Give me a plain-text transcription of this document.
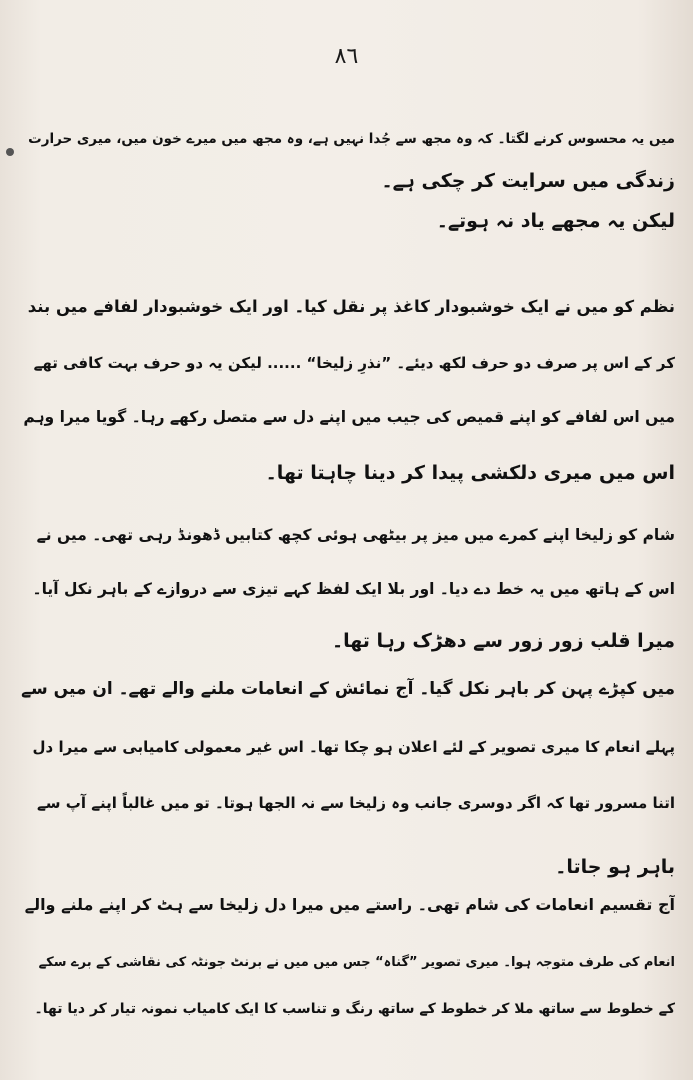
٨٦
میں یہ محسوس کرنے لگتا۔ کہ وہ مجھ سے جُدا نہیں ہے، وہ مجھ میں میرے خون میں، میری حرارت
زندگی میں سرایت کر چکی ہے۔
لیکن یہ مجھے یاد نہ ہوتے۔
نظم کو میں نے ایک خوشبودار کاغذ پر نقل کیا۔ اور ایک خوشبودار لفافے میں بند
کر کے اس پر صرف دو حرف لکھ دیئے۔ ”نذرِ زلیخا“ ...... لیکن یہ دو حرف بہت کافی تھے
میں اس لفافے کو اپنے قمیص کی جیب میں اپنے دل سے متصل رکھے رہا۔ گویا میرا وہم
اس میں میری دلکشی پیدا کر دینا چاہتا تھا۔
شام کو زلیخا اپنے کمرے میں میز پر بیٹھی ہوئی کچھ کتابیں ڈھونڈ رہی تھی۔ میں نے
اس کے ہاتھ میں یہ خط دے دیا۔ اور بلا ایک لفظ کہے تیزی سے دروازے کے باہر نکل آیا۔
میرا قلب زور زور سے دھڑک رہا تھا۔
میں کپڑے پہن کر باہر نکل گیا۔ آج نمائش کے انعامات ملنے والے تھے۔ ان میں سے
پہلے انعام کا میری تصویر کے لئے اعلان ہو چکا تھا۔ اس غیر معمولی کامیابی سے میرا دل
اتنا مسرور تھا کہ اگر دوسری جانب وہ زلیخا سے نہ الجھا ہوتا۔ تو میں غالباً اپنے آپ سے
باہر ہو جاتا۔
آج تقسیم انعامات کی شام تھی۔ راستے میں میرا دل زلیخا سے ہٹ کر اپنے ملنے والے
انعام کی طرف متوجہ ہوا۔ میری تصویر ”گناہ“ جس میں میں نے برنٹ جونٹہ کی نقاشی کے برے سکے
کے خطوط سے ساتھ ملا کر خطوط کے ساتھ رنگ و تناسب کا ایک کامیاب نمونہ تیار کر دیا تھا۔
